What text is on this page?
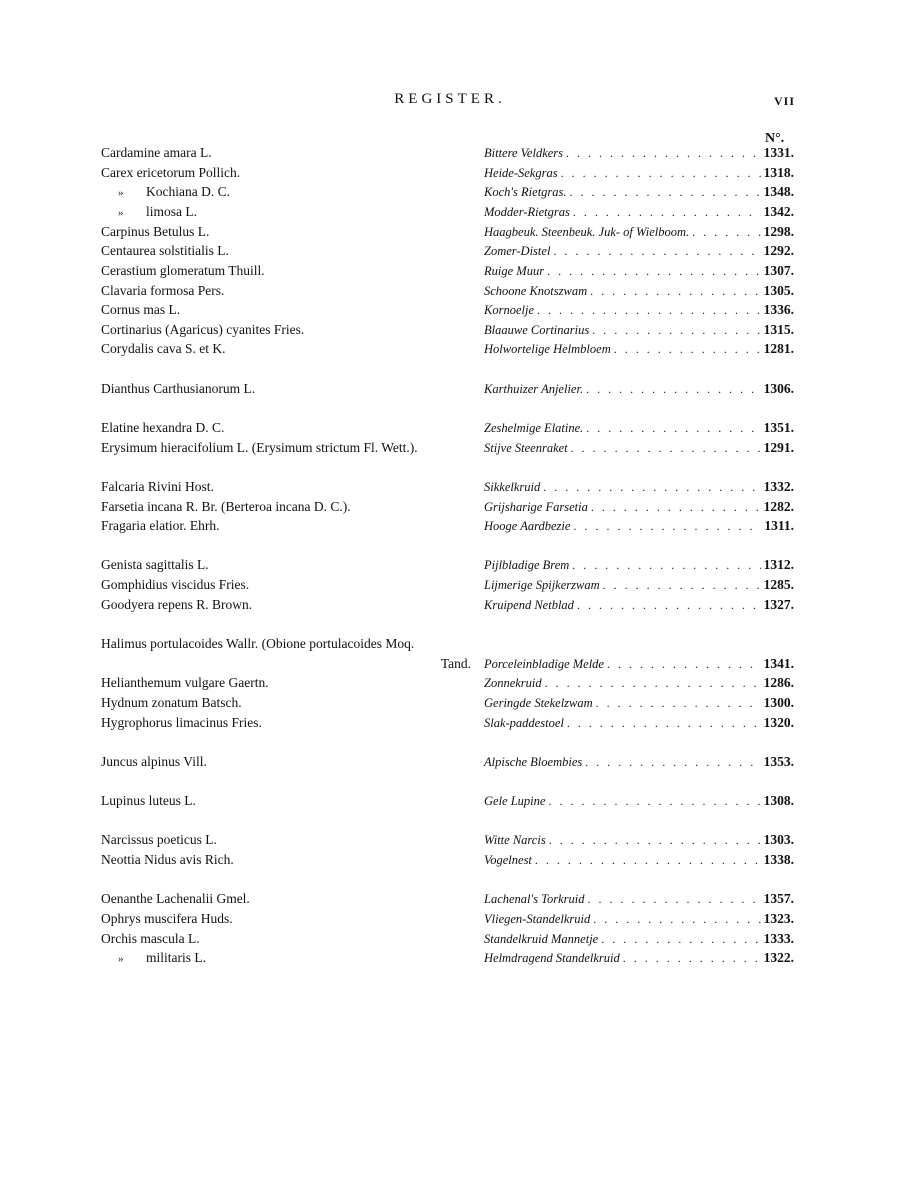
REGISTER.	VII
N°.
Cardamine amara L.	Bittere Veldkers . . .	1331.
Carex ericetorum Pollich.	Heide-Sekgras . . .	1318.
» Kochiana D. C.	Koch's Rietgras. . . .	1348.
» limosa L.	Modder-Rietgras . . .	1342.
Carpinus Betulus L.	Haagbeuk. Steenbeuk. Juk- of Wielboom. . . .	1298.
Centaurea solstitialis L.	Zomer-Distel . . .	1292.
Cerastium glomeratum Thuill.	Ruige Muur . . .	1307.
Clavaria formosa Pers.	Schoone Knotszwam . . .	1305.
Cornus mas L.	Kornoelje . . .	1336.
Cortinarius (Agaricus) cyanites Fries.	Blaauwe Cortinarius . . .	1315.
Corydalis cava S. et K.	Holwortelige Helmbloem . . .	1281.
Dianthus Carthusianorum L.	Karthuizer Anjelier. . . .	1306.
Elatine hexandra D. C.	Zeshelmige Elatine. . . .	1351.
Erysimum hieracifolium L. (Erysimum strictum Fl. Wett.).	Stijve Steenraket . . .	1291.
Falcaria Rivini Host.	Sikkelkruid . . .	1332.
Farsetia incana R. Br. (Berteroa incana D. C.).	Grijsharige Farsetia . . .	1282.
Fragaria elatior. Ehrh.	Hooge Aardbezie . . .	1311.
Genista sagittalis L.	Pijlbladige Brem . . .	1312.
Gomphidius viscidus Fries.	Lijmerige Spijkerzwam . . .	1285.
Goodyera repens R. Brown.	Kruipend Netblad . . .	1327.
Halimus portulacoides Wallr. (Obione portulacoides Moq.
Tand. Porceleinbladige Melde . . .	1341.
Helianthemum vulgare Gaertn.	Zonnekruid . . .	1286.
Hydnum zonatum Batsch.	Geringde Stekelzwam . . .	1300.
Hygrophorus limacinus Fries.	Slak-paddestoel . . .	1320.
Juncus alpinus Vill.	Alpische Bloembies . . .	1353.
Lupinus luteus L.	Gele Lupine . . .	1308.
Narcissus poeticus L.	Witte Narcis . . .	1303.
Neottia Nidus avis Rich.	Vogelnest . . .	1338.
Oenanthe Lachenalii Gmel.	Lachenal's Torkruid . . .	1357.
Ophrys muscifera Huds.	Vliegen-Standelkruid . . .	1323.
Orchis mascula L.	Standelkruid Mannetje . . .	1333.
» militaris L.	Helmdragend Standelkruid . . .	1322.
